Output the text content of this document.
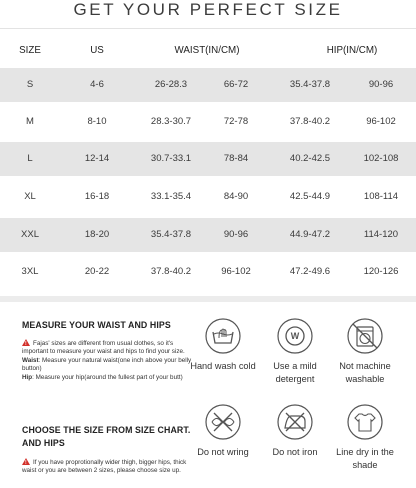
GET YOUR PERFECT SIZE
SIZE	US	WAIST(IN/CM)	HIP(IN/CM)
S	4-6	26-28.3	66-72	35.4-37.8	90-96
M	8-10	28.3-30.7	72-78	37.8-40.2	96-102
L	12-14	30.7-33.1	78-84	40.2-42.5	102-108
XL	16-18	33.1-35.4	84-90	42.5-44.9	108-114
XXL	18-20	35.4-37.8	90-96	44.9-47.2	114-120
3XL	20-22	37.8-40.2	96-102	47.2-49.6	120-126
MEASURE YOUR WAIST AND HIPS
!Fajas' sizes are different from usual clothes, so it's important to measure your waist and hips to find your size.
Waist: Measure your natural waist(one inch above your belly button)
Hip: Measure your hip(around the fullest part of your butt)
CHOOSE THE SIZE FROM SIZE CHART. AND HIPS
!If you have proprotionally wider thigh, bigger hips, thick waist or you are between 2 sizes, please choose size up.
Hand wash cold
W
Use a mild detergent
Not machine washable
Do not wring	Do not iron	Line dry in the shade
